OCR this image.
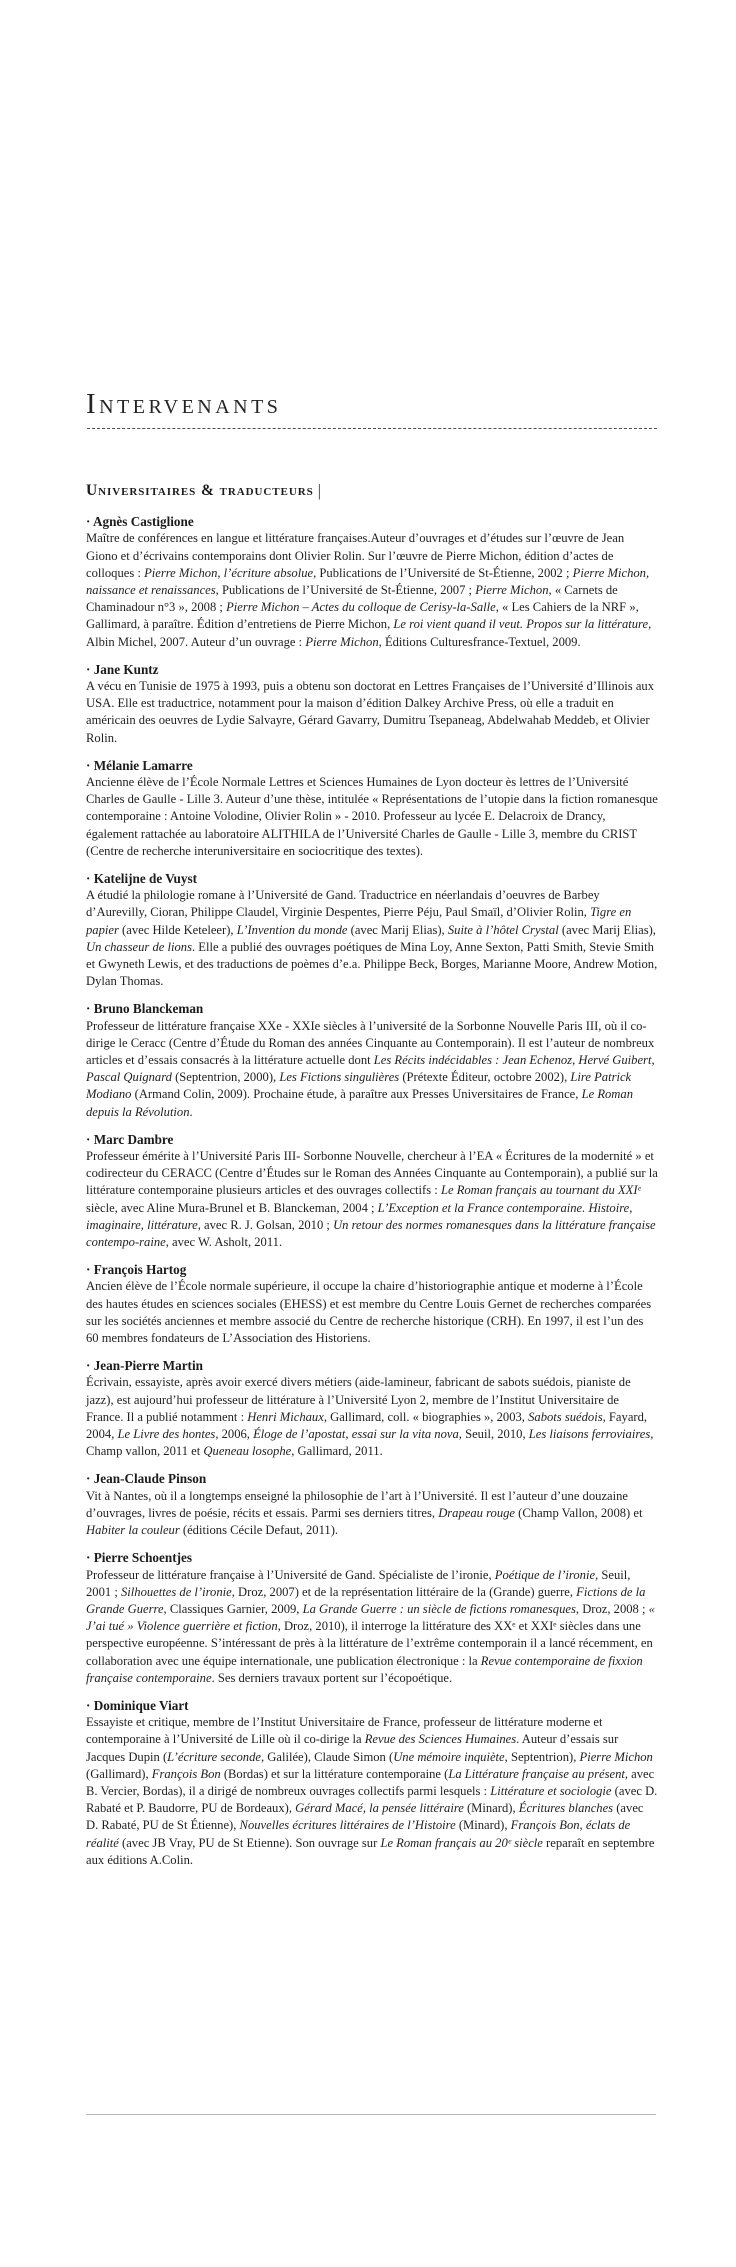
Intervenants
Universitaires & traducteurs |
· Agnès Castiglione
Maître de conférences en langue et littérature françaises.Auteur d’ouvrages et d’études sur l’œuvre de Jean Giono et d’écrivains contemporains dont Olivier Rolin. Sur l’œuvre de Pierre Michon, édition d’actes de colloques : Pierre Michon, l’écriture absolue, Publications de l’Université de St-Étienne, 2002 ; Pierre Michon, naissance et renaissances, Publications de l’Université de St-Étienne, 2007 ; Pierre Michon, « Carnets de Chaminadour n°3 », 2008 ; Pierre Michon – Actes du colloque de Cerisy-la-Salle, « Les Cahiers de la NRF », Gallimard, à paraître. Édition d’entretiens de Pierre Michon, Le roi vient quand il veut. Propos sur la littérature, Albin Michel, 2007. Auteur d’un ouvrage : Pierre Michon, Éditions Culturesfrance-Textuel, 2009.
· Jane Kuntz
A vécu en Tunisie de 1975 à 1993, puis a obtenu son doctorat en Lettres Françaises de l’Université d’Illinois aux USA. Elle est traductrice, notamment pour la maison d’édition Dalkey Archive Press, où elle a traduit en américain des oeuvres de Lydie Salvayre, Gérard Gavarry, Dumitru Tsepaneag, Abdelwahab Meddeb, et Olivier Rolin.
· Mélanie Lamarre
Ancienne élève de l’École Normale Lettres et Sciences Humaines de Lyon docteur ès lettres de l’Université Charles de Gaulle - Lille 3. Auteur d’une thèse, intitulée « Représentations de l’utopie dans la fiction romanesque contemporaine : Antoine Volodine, Olivier Rolin » - 2010. Professeur au lycée E. Delacroix de Drancy, également rattachée au laboratoire ALITHILA de l’Université Charles de Gaulle - Lille 3, membre du CRIST (Centre de recherche interuniversitaire en sociocritique des textes).
· Katelijne de Vuyst
A étudié la philologie romane à l’Université de Gand. Traductrice en néerlandais d’oeuvres de Barbey d’Aurevilly, Cioran, Philippe Claudel, Virginie Despentes, Pierre Péju, Paul Smaïl, d’Olivier Rolin, Tigre en papier (avec Hilde Keteleer), L’Invention du monde (avec Marij Elias), Suite à l’hôtel Crystal (avec Marij Elias), Un chasseur de lions. Elle a publié des ouvrages poétiques de Mina Loy, Anne Sexton, Patti Smith, Stevie Smith et Gwyneth Lewis, et des traductions de poèmes d’e.a. Philippe Beck, Borges, Marianne Moore, Andrew Motion, Dylan Thomas.
· Bruno Blanckeman
Professeur de littérature française XXe - XXIe siècles à l’université de la Sorbonne Nouvelle Paris III, où il co-dirige le Ceracc (Centre d’Étude du Roman des années Cinquante au Contemporain). Il est l’auteur de nombreux articles et d’essais consacrés à la littérature actuelle dont Les Récits indécidables : Jean Echenoz, Hervé Guibert, Pascal Quignard (Septentrion, 2000), Les Fictions singulières (Prétexte Éditeur, octobre 2002), Lire Patrick Modiano (Armand Colin, 2009). Prochaine étude, à paraître aux Presses Universitaires de France, Le Roman depuis la Révolution.
· Marc Dambre
Professeur émérite à l’Université Paris III- Sorbonne Nouvelle, chercheur à l’EA « Écritures de la modernité » et codirecteur du CERACC (Centre d’Études sur le Roman des Années Cinquante au Contemporain), a publié sur la littérature contemporaine plusieurs articles et des ouvrages collectifs : Le Roman français au tournant du XXIᵉ siècle, avec Aline Mura-Brunel et B. Blanckeman, 2004 ; L’Exception et la France contemporaine. Histoire, imaginaire, littérature, avec R. J. Golsan, 2010 ; Un retour des normes romanesques dans la littérature française contempo-raine, avec W. Asholt, 2011.
· François Hartog
Ancien élève de l’École normale supérieure, il occupe la chaire d’historiographie antique et moderne à l’École des hautes études en sciences sociales (EHESS) et est membre du Centre Louis Gernet de recherches comparées sur les sociétés anciennes et membre associé du Centre de recherche historique (CRH). En 1997, il est l’un des 60 membres fondateurs de L’Association des Historiens.
· Jean-Pierre Martin
Écrivain, essayiste, après avoir exercé divers métiers (aide-lamineur, fabricant de sabots suédois, pianiste de jazz), est aujourd’hui professeur de littérature à l’Université Lyon 2, membre de l’Institut Universitaire de France. Il a publié notamment : Henri Michaux, Gallimard, coll. « biographies », 2003, Sabots suédois, Fayard, 2004, Le Livre des hontes, 2006, Éloge de l’apostat, essai sur la vita nova, Seuil, 2010, Les liaisons ferroviaires, Champ vallon, 2011 et Queneau losophe, Gallimard, 2011.
· Jean-Claude Pinson
Vit à Nantes, où il a longtemps enseigné la philosophie de l’art à l’Université. Il est l’auteur d’une douzaine d’ouvrages, livres de poésie, récits et essais. Parmi ses derniers titres, Drapeau rouge (Champ Vallon, 2008) et Habiter la couleur (éditions Cécile Defaut, 2011).
· Pierre Schoentjes
Professeur de littérature française à l’Université de Gand. Spécialiste de l’ironie, Poétique de l’ironie, Seuil, 2001 ; Silhouettes de l’ironie, Droz, 2007) et de la représentation littéraire de la (Grande) guerre, Fictions de la Grande Guerre, Classiques Garnier, 2009, La Grande Guerre : un siècle de fictions romanesques, Droz, 2008 ; « J’ai tué » Violence guerrière et fiction, Droz, 2010), il interroge la littérature des XXᵉ et XXIᵉ siècles dans une perspective européenne. S’intéressant de près à la littérature de l’extrême contemporain il a lancé récemment, en collaboration avec une équipe internationale, une publication électronique : la Revue contemporaine de fixxion française contemporaine. Ses derniers travaux portent sur l’écopoétique.
· Dominique Viart
Essayiste et critique, membre de l’Institut Universitaire de France, professeur de littérature moderne et contemporaine à l’Université de Lille où il co-dirige la Revue des Sciences Humaines. Auteur d’essais sur Jacques Dupin (L’écriture seconde, Galilée), Claude Simon (Une mémoire inquiète, Septentrion), Pierre Michon (Gallimard), François Bon (Bordas) et sur la littérature contemporaine (La Littérature française au présent, avec B. Vercier, Bordas), il a dirigé de nombreux ouvrages collectifs parmi lesquels : Littérature et sociologie (avec D. Rabaté et P. Baudorre, PU de Bordeaux), Gérard Macé, la pensée littéraire (Minard), Écritures blanches (avec D. Rabaté, PU de St Étienne), Nouvelles écritures littéraires de l’Histoire (Minard), François Bon, éclats de réalité (avec JB Vray, PU de St Etienne). Son ouvrage sur Le Roman français au 20ᵉ siècle reparaît en septembre aux éditions A.Colin.
